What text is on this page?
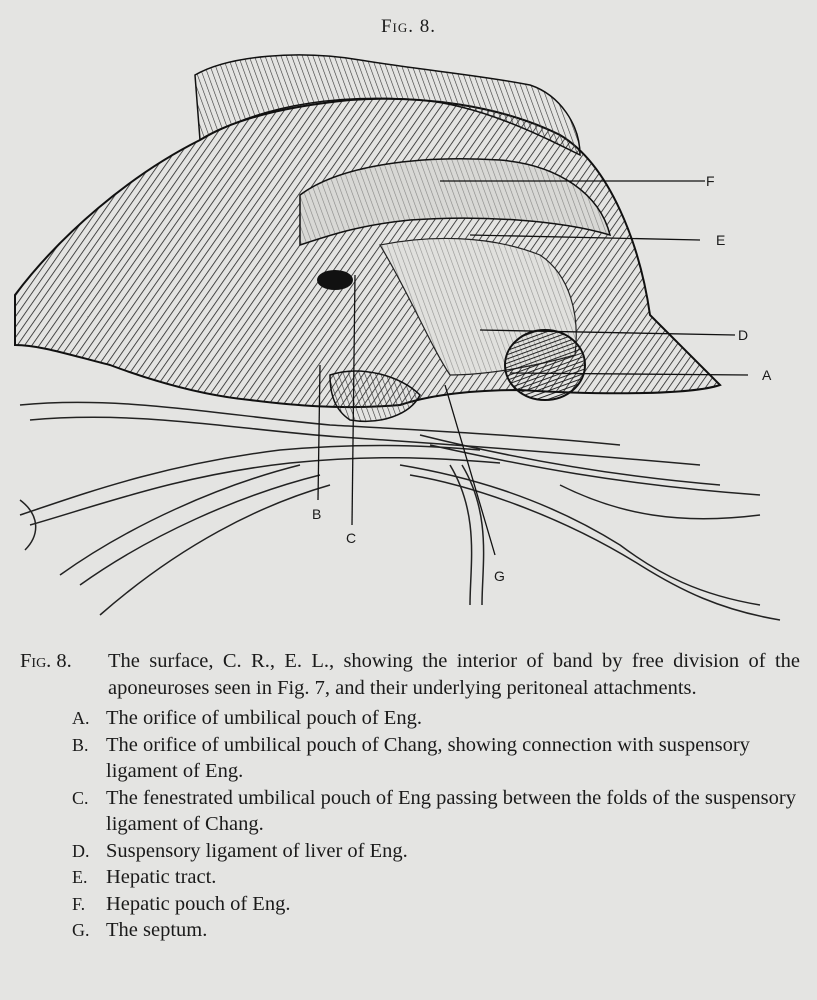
Fig. 8.
F
E
D
A
B
C
G
Fig. 8.	The surface, C. R., E. L., showing the interior of band by free division of the aponeuroses seen in Fig. 7, and their underlying peritoneal attachments.
A. The orifice of umbilical pouch of Eng.
B. The orifice of umbilical pouch of Chang, showing connection with suspensory ligament of Eng.
C. The fenestrated umbilical pouch of Eng passing between the folds of the suspensory ligament of Chang.
D. Suspensory ligament of liver of Eng.
E. Hepatic tract.
F.	Hepatic pouch of Eng.
G. The septum.
